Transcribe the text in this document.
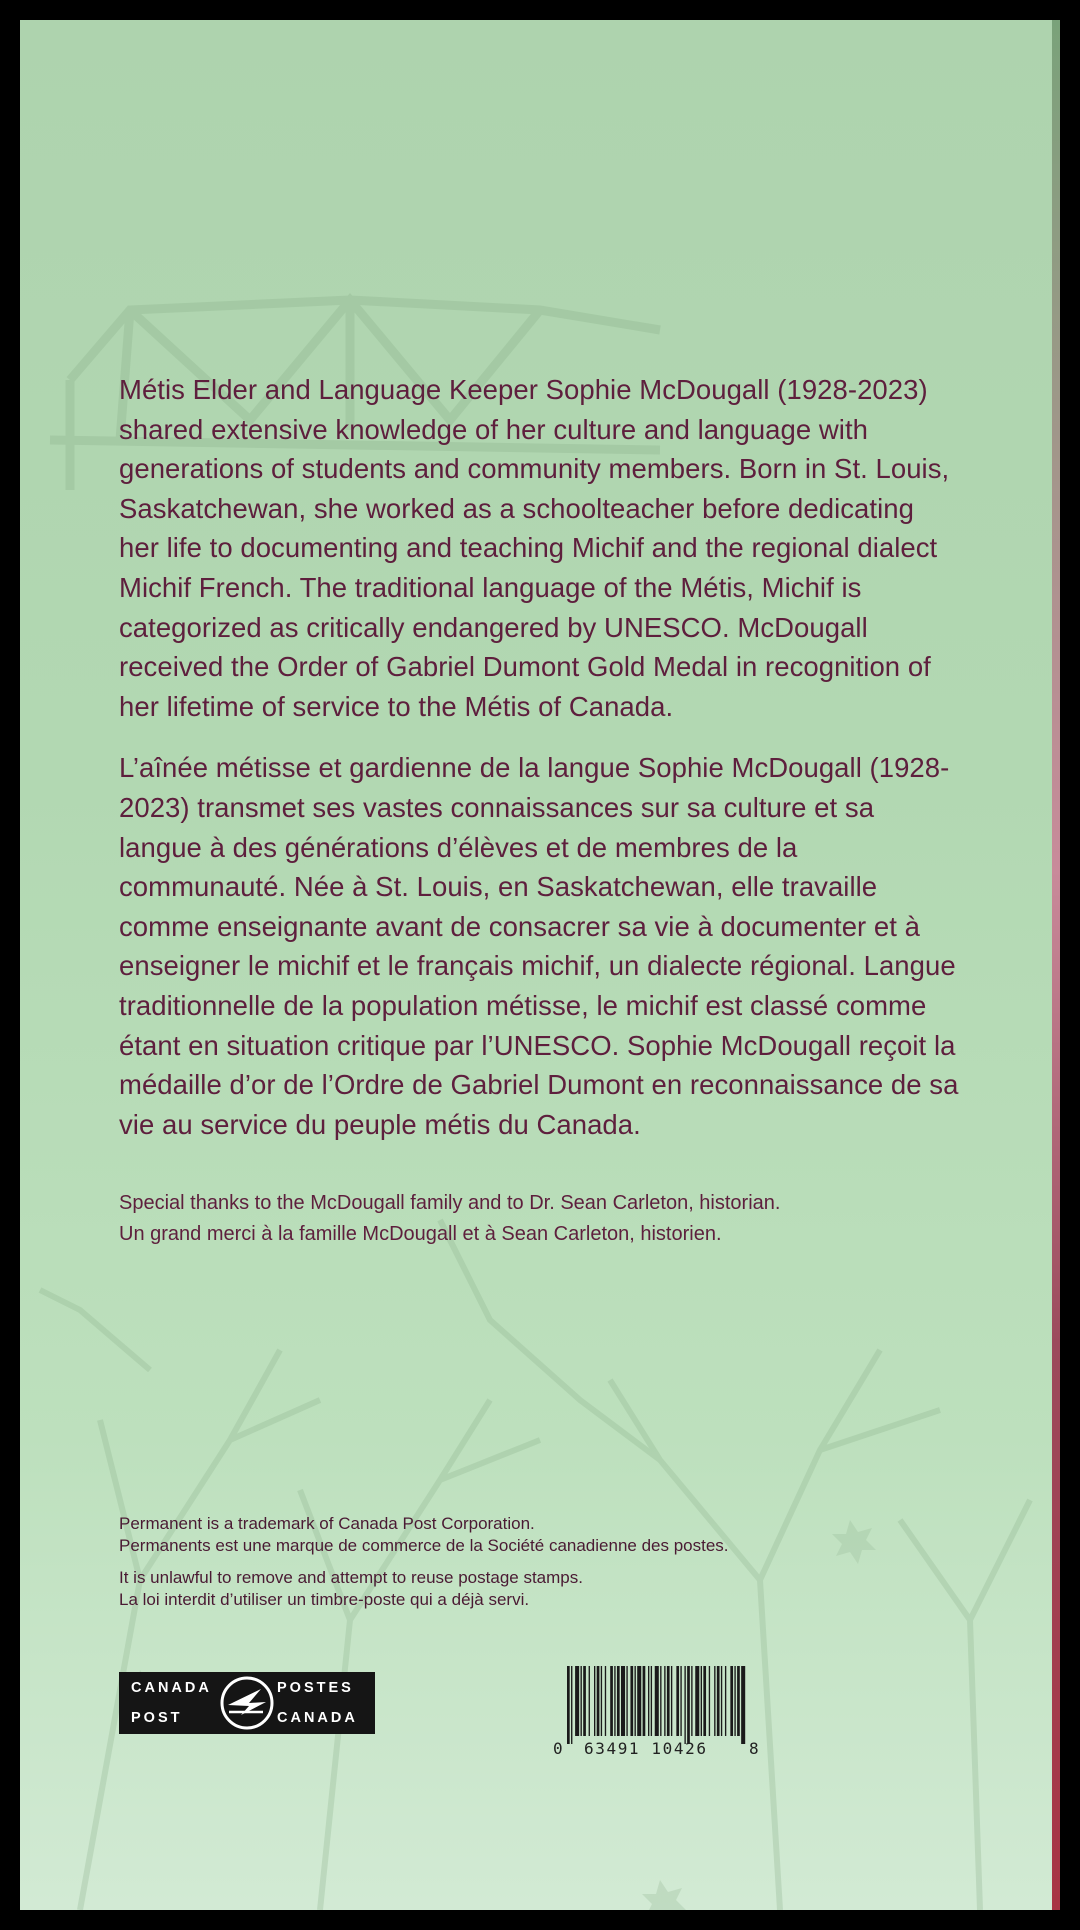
Métis Elder and Language Keeper Sophie McDougall (1928-2023) shared extensive knowledge of her culture and language with generations of students and community members. Born in St. Louis, Saskatchewan, she worked as a schoolteacher before dedicating her life to documenting and teaching Michif and the regional dialect Michif French. The traditional language of the Métis, Michif is categorized as critically endangered by UNESCO. McDougall received the Order of Gabriel Dumont Gold Medal in recognition of her lifetime of service to the Métis of Canada.

L’aînée métisse et gardienne de la langue Sophie McDougall (1928-2023) transmet ses vastes connaissances sur sa culture et sa langue à des générations d’élèves et de membres de la communauté. Née à St. Louis, en Saskatchewan, elle travaille comme enseignante avant de consacrer sa vie à documenter et à enseigner le michif et le français michif, un dialecte régional. Langue traditionnelle de la population métisse, le michif est classé comme étant en situation critique par l’UNESCO. Sophie McDougall reçoit la médaille d’or de l’Ordre de Gabriel Dumont en reconnaissance de sa vie au service du peuple métis du Canada.

Special thanks to the McDougall family and to Dr. Sean Carleton, historian.
Un grand merci à la famille McDougall et à Sean Carleton, historien.
Permanent is a trademark of Canada Post Corporation.
Permanents est une marque de commerce de la Société canadienne des postes.
It is unlawful to remove and attempt to reuse postage stamps.
La loi interdit d’utiliser un timbre-poste qui a déjà servi.
CANADA
POST
POSTES
CANADA
0 63491 10426	8
